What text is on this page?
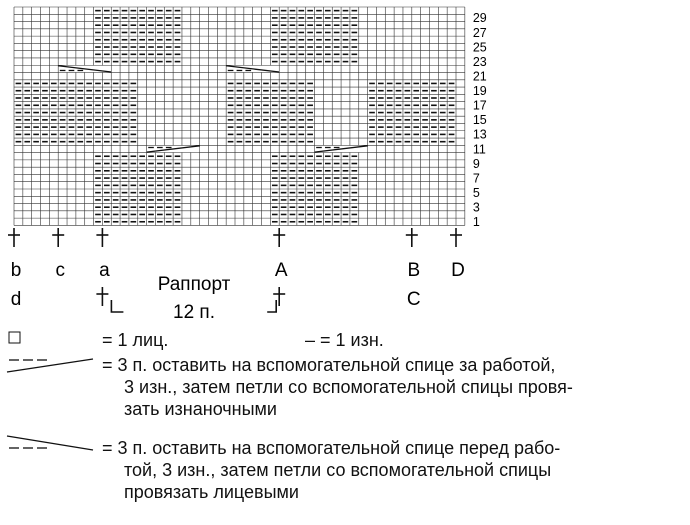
1
3
5
7
9
11
13
15
17
19
21
23
25
27
29
b c a	A	B D
d	C
Раппорт
12 п.
= 1 лиц.	– = 1 изн.
= 3 п. оставить на вспомогательной спице за работой,
3 изн., затем петли со вспомогательной спицы провя-
зать изнаночными
= 3 п. оставить на вспомогательной спице перед рабо-
той, 3 изн., затем петли со вспомогательной спицы
провязать лицевыми
